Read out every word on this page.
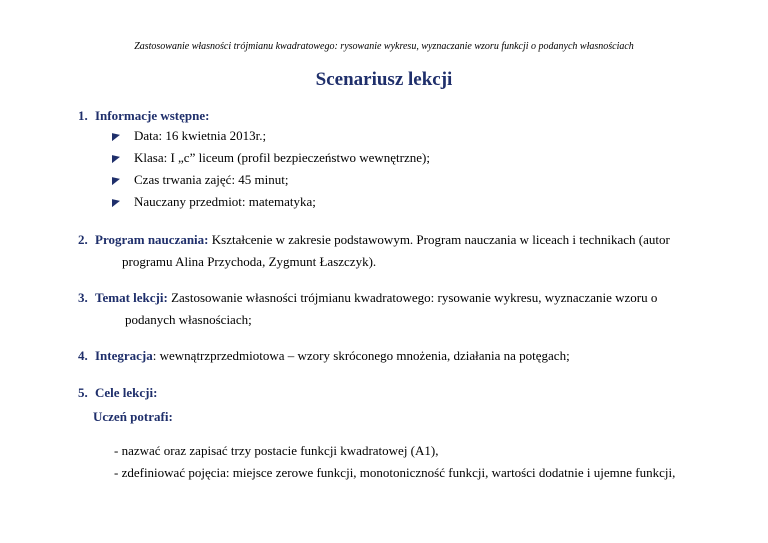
Zastosowanie własności trójmianu kwadratowego: rysowanie wykresu, wyznaczanie wzoru funkcji o podanych własnościach
Scenariusz lekcji
1. Informacje wstępne:
Data: 16 kwietnia 2013r.;
Klasa: I „c” liceum (profil bezpieczeństwo wewnętrzne);
Czas trwania zajęć: 45 minut;
Nauczany przedmiot: matematyka;
2. Program nauczania: Kształcenie w zakresie podstawowym. Program nauczania w liceach i technikach (autor
programu Alina Przychoda, Zygmunt Łaszczyk).
3. Temat lekcji: Zastosowanie własności trójmianu kwadratowego: rysowanie wykresu, wyznaczanie wzoru o
podanych własnościach;
4. Integracja: wewnątrzprzedmiotowa – wzory skróconego mnożenia, działania na potęgach;
5. Cele lekcji:
Uczeń potrafi:
- nazwać oraz zapisać trzy postacie funkcji kwadratowej (A1),
- zdefiniować pojęcia: miejsce zerowe funkcji, monotoniczność funkcji, wartości dodatnie i ujemne funkcji,
